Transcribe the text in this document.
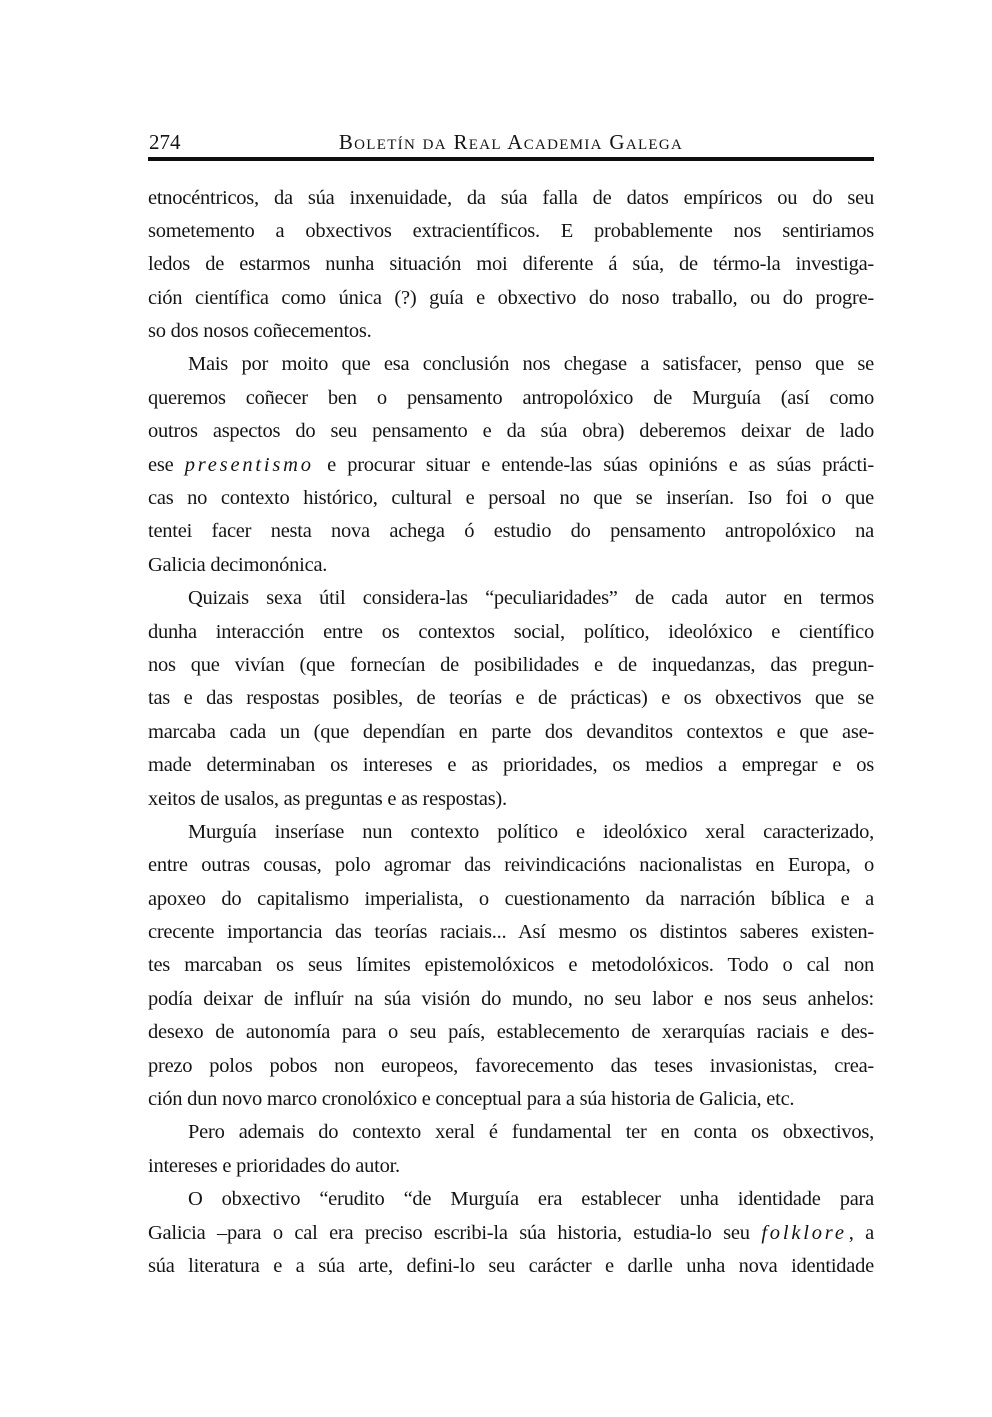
274	Boletín da Real Academia Galega
etnocéntricos, da súa inxenuidade, da súa falla de datos empíricos ou do seu
sometemento a obxectivos extracientíficos. E probablemente nos sentiriamos
ledos de estarmos nunha situación moi diferente á súa, de térmo-la investiga-
ción científica como única (?) guía e obxectivo do noso traballo, ou do progre-
so dos nosos coñecementos.
Mais por moito que esa conclusión nos chegase a satisfacer, penso que se
queremos coñecer ben o pensamento antropolóxico de Murguía (así como
outros aspectos do seu pensamento e da súa obra) deberemos deixar de lado
ese presentismo e procurar situar e entende-las súas opinións e as súas prácti-
cas no contexto histórico, cultural e persoal no que se inserían. Iso foi o que
tentei facer nesta nova achega ó estudio do pensamento antropolóxico na
Galicia decimonónica.
Quizais sexa útil considera-las “peculiaridades” de cada autor en termos
dunha interacción entre os contextos social, político, ideolóxico e científico
nos que vivían (que fornecían de posibilidades e de inquedanzas, das pregun-
tas e das respostas posibles, de teorías e de prácticas) e os obxectivos que se
marcaba cada un (que dependían en parte dos devanditos contextos e que ase-
made determinaban os intereses e as prioridades, os medios a empregar e os
xeitos de usalos, as preguntas e as respostas).
Murguía inseríase nun contexto político e ideolóxico xeral caracterizado,
entre outras cousas, polo agromar das reivindicacións nacionalistas en Europa, o
apoxeo do capitalismo imperialista, o cuestionamento da narración bíblica e a
crecente importancia das teorías raciais... Así mesmo os distintos saberes existen-
tes marcaban os seus límites epistemolóxicos e metodolóxicos. Todo o cal non
podía deixar de influír na súa visión do mundo, no seu labor e nos seus anhelos:
desexo de autonomía para o seu país, establecemento de xerarquías raciais e des-
prezo polos pobos non europeos, favorecemento das teses invasionistas, crea-
ción dun novo marco cronolóxico e conceptual para a súa historia de Galicia, etc.
Pero ademais do contexto xeral é fundamental ter en conta os obxectivos,
intereses e prioridades do autor.
O obxectivo “erudito “de Murguía era establecer unha identidade para
Galicia –para o cal era preciso escribi-la súa historia, estudia-lo seu folklore, a
súa literatura e a súa arte, defini-lo seu carácter e darlle unha nova identidade
